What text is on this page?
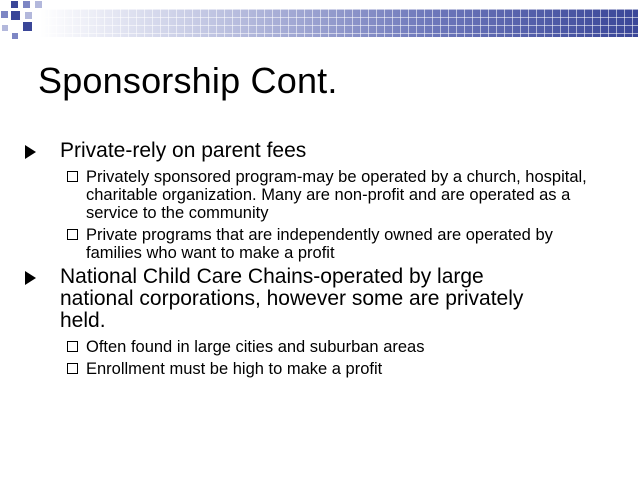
Sponsorship Cont.
Private-rely on parent fees
Privately sponsored program-may be operated by a church, hospital, charitable organization. Many are non-profit and are operated as a service to the community
Private programs that are independently owned are operated by families who want to make a profit
National Child Care Chains-operated by large national corporations, however some are privately held.
Often found in large cities and suburban areas
Enrollment must be high to make a profit
